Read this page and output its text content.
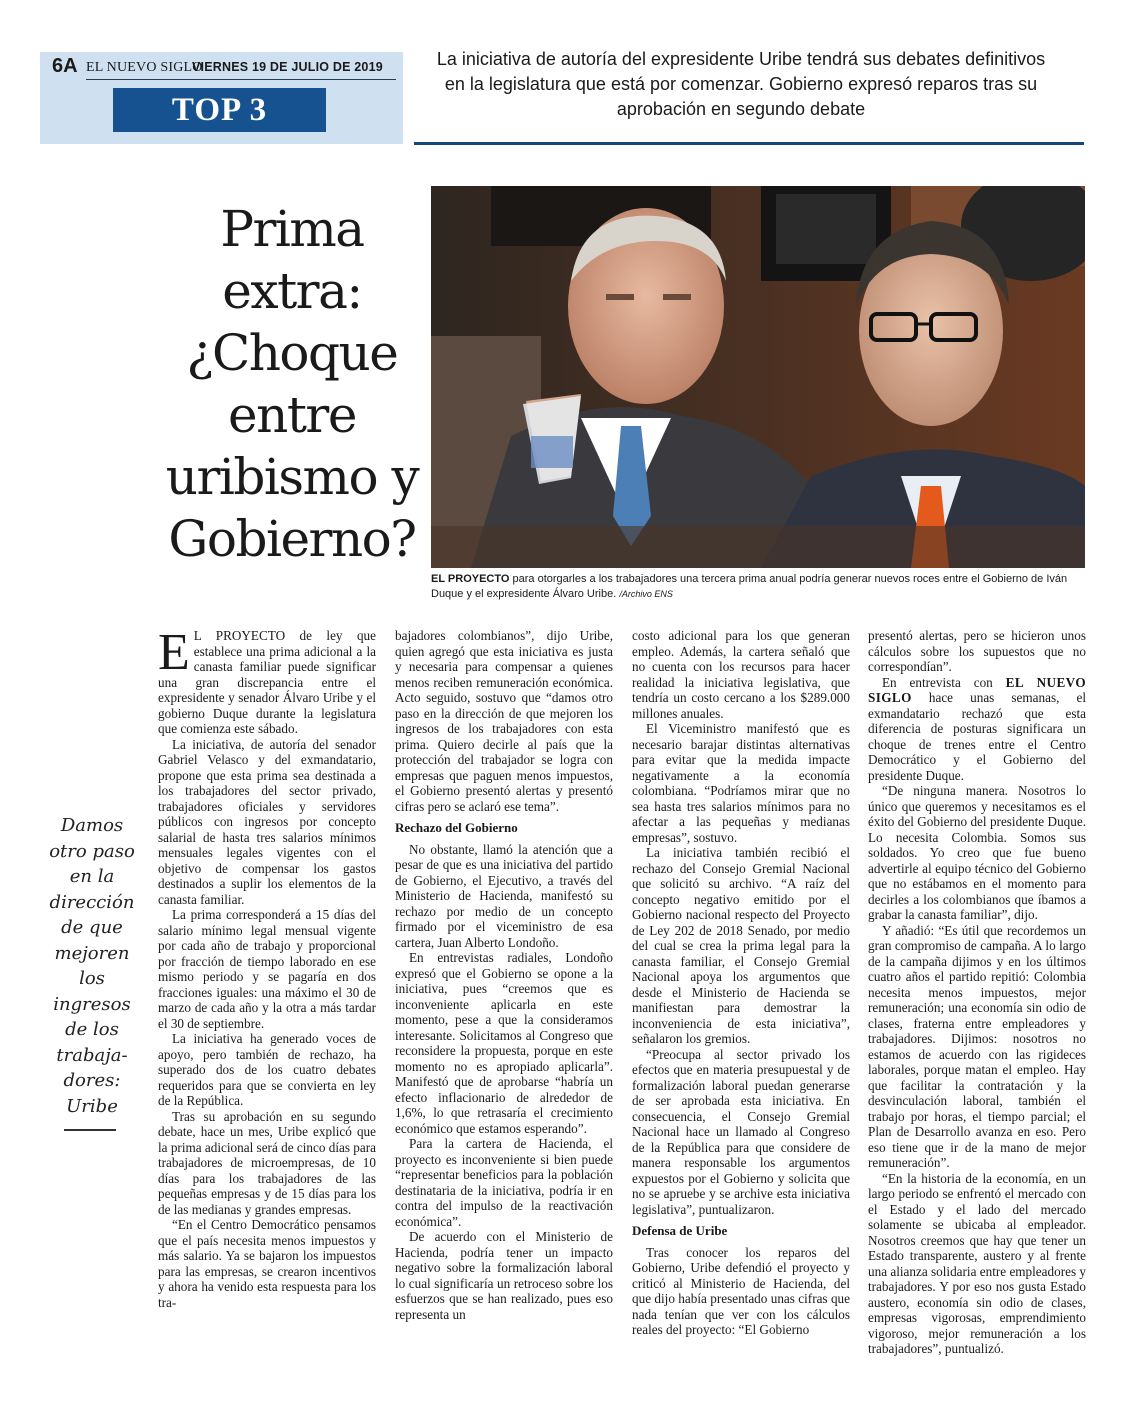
6A EL NUEVO SIGLO
VIERNES 19 DE JULIO DE 2019
TOP 3
La iniciativa de autoría del expresidente Uribe tendrá sus debates definitivos en la legislatura que está por comenzar. Gobierno expresó reparos tras su aprobación en segundo debate
Prima
extra:
¿Choque
entre
uribismo y
Gobierno?
EL PROYECTO para otorgarles a los trabajadores una tercera prima anual podría generar nuevos roces entre el Gobierno de Iván Duque y el expresidente Álvaro Uribe. /Archivo ENS
Damos
otro paso
en la
dirección
de que
mejoren
los
ingresos
de los
trabaja-
dores:
Uribe

E L PROYECTO de ley que establece una prima adicional a la canasta familiar puede significar una gran discrepancia entre el expresidente y senador Álvaro Uribe y el gobierno Duque durante la legislatura que comienza este sábado.

La iniciativa, de autoría del senador Gabriel Velasco y del exmandatario, propone que esta prima sea destinada a los trabajadores del sector privado, trabajadores oficiales y servidores públicos con ingresos por concepto salarial de hasta tres salarios mínimos mensuales legales vigentes con el objetivo de compensar los gastos destinados a suplir los elementos de la canasta familiar.

La prima corresponderá a 15 días del salario mínimo legal mensual vigente por cada año de trabajo y proporcional por fracción de tiempo laborado en ese mismo periodo y se pagaría en dos fracciones iguales: una máximo el 30 de marzo de cada año y la otra a más tardar el 30 de septiembre.

La iniciativa ha generado voces de apoyo, pero también de rechazo, ha superado dos de los cuatro debates requeridos para que se convierta en ley de la República.

Tras su aprobación en su segundo debate, hace un mes, Uribe explicó que la prima adicional será de cinco días para trabajadores de microempresas, de 10 días para los trabajadores de las pequeñas empresas y de 15 días para los de las medianas y grandes empresas.

“En el Centro Democrático pensamos que el país necesita menos impuestos y más salario. Ya se bajaron los impuestos para las empresas, se crearon incentivos y ahora ha venido esta respuesta para los tra-

bajadores colombianos”, dijo Uribe, quien agregó que esta iniciativa es justa y necesaria para compensar a quienes menos reciben remuneración económica. Acto seguido, sostuvo que “damos otro paso en la dirección de que mejoren los ingresos de los trabajadores con esta prima. Quiero decirle al país que la protección del trabajador se logra con empresas que paguen menos impuestos, el Gobierno presentó alertas y presentó cifras pero se aclaró ese tema”.

Rechazo del Gobierno

No obstante, llamó la atención que a pesar de que es una iniciativa del partido de Gobierno, el Ejecutivo, a través del Ministerio de Hacienda, manifestó su rechazo por medio de un concepto firmado por el viceministro de esa cartera, Juan Alberto Londoño.

En entrevistas radiales, Londoño expresó que el Gobierno se opone a la iniciativa, pues “creemos que es inconveniente aplicarla en este momento, pese a que la consideramos interesante. Solicitamos al Congreso que reconsidere la propuesta, porque en este momento no es apropiado aplicarla”. Manifestó que de aprobarse “habría un efecto inflacionario de alrededor de 1,6%, lo que retrasaría el crecimiento económico que estamos esperando”.

Para la cartera de Hacienda, el proyecto es inconveniente si bien puede “representar beneficios para la población destinataria de la iniciativa, podría ir en contra del impulso de la reactivación económica”.

De acuerdo con el Ministerio de Hacienda, podría tener un impacto negativo sobre la formalización laboral lo cual significaría un retroceso sobre los esfuerzos que se han realizado, pues eso representa un

costo adicional para los que generan empleo. Además, la cartera señaló que no cuenta con los recursos para hacer realidad la iniciativa legislativa, que tendría un costo cercano a los $289.000 millones anuales.

El Viceministro manifestó que es necesario barajar distintas alternativas para evitar que la medida impacte negativamente a la economía colombiana. “Podríamos mirar que no sea hasta tres salarios mínimos para no afectar a las pequeñas y medianas empresas”, sostuvo.

La iniciativa también recibió el rechazo del Consejo Gremial Nacional que solicitó su archivo. “A raíz del concepto negativo emitido por el Gobierno nacional respecto del Proyecto de Ley 202 de 2018 Senado, por medio del cual se crea la prima legal para la canasta familiar, el Consejo Gremial Nacional apoya los argumentos que desde el Ministerio de Hacienda se manifiestan para demostrar la inconveniencia de esta iniciativa”, señalaron los gremios.

“Preocupa al sector privado los efectos que en materia presupuestal y de formalización laboral puedan generarse de ser aprobada esta iniciativa. En consecuencia, el Consejo Gremial Nacional hace un llamado al Congreso de la República para que considere de manera responsable los argumentos expuestos por el Gobierno y solicita que no se apruebe y se archive esta iniciativa legislativa”, puntualizaron.

Defensa de Uribe

Tras conocer los reparos del Gobierno, Uribe defendió el proyecto y criticó al Ministerio de Hacienda, del que dijo había presentado unas cifras que nada tenían que ver con los cálculos reales del proyecto: “El Gobierno

presentó alertas, pero se hicieron unos cálculos sobre los supuestos que no correspondían”.

En entrevista con EL NUEVO SIGLO hace unas semanas, el exmandatario rechazó que esta diferencia de posturas significara un choque de trenes entre el Centro Democrático y el Gobierno del presidente Duque.

“De ninguna manera. Nosotros lo único que queremos y necesitamos es el éxito del Gobierno del presidente Duque. Lo necesita Colombia. Somos sus soldados. Yo creo que fue bueno advertirle al equipo técnico del Gobierno que no estábamos en el momento para decirles a los colombianos que íbamos a grabar la canasta familiar”, dijo.

Y añadió: “Es útil que recordemos un gran compromiso de campaña. A lo largo de la campaña dijimos y en los últimos cuatro años el partido repitió: Colombia necesita menos impuestos, mejor remuneración; una economía sin odio de clases, fraterna entre empleadores y trabajadores. Dijimos: nosotros no estamos de acuerdo con las rigideces laborales, porque matan el empleo. Hay que facilitar la contratación y la desvinculación laboral, también el trabajo por horas, el tiempo parcial; el Plan de Desarrollo avanza en eso. Pero eso tiene que ir de la mano de mejor remuneración”.

“En la historia de la economía, en un largo periodo se enfrentó el mercado con el Estado y el lado del mercado solamente se ubicaba al empleador. Nosotros creemos que hay que tener un Estado transparente, austero y al frente una alianza solidaria entre empleadores y trabajadores. Y por eso nos gusta Estado austero, economía sin odio de clases, empresas vigorosas, emprendimiento vigoroso, mejor remuneración a los trabajadores”, puntualizó.
